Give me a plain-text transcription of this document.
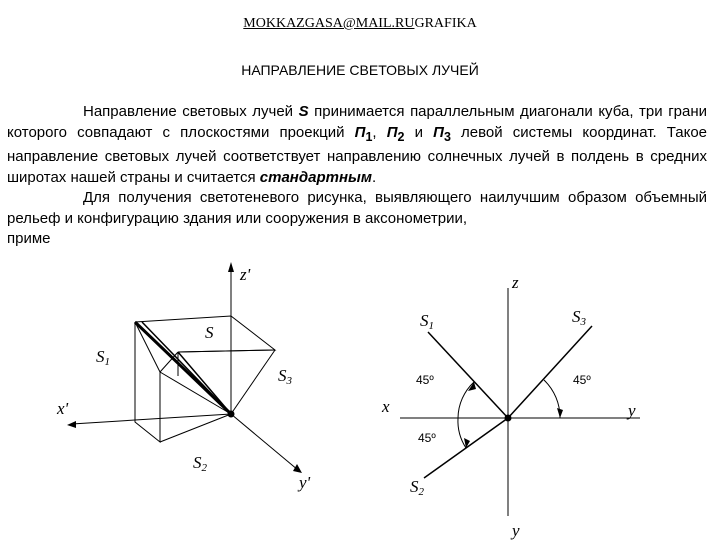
MOKKAZGASA@MAIL.RUGRAFIKA
НАПРАВЛЕНИЕ СВЕТОВЫХ ЛУЧЕЙ

Направление световых лучей S принимается параллельным диагонали куба, три грани которого совпадают с плоскостями проекций $П_1$, $П_2$ и $П_3$ левой системы координат. Такое направление световых лучей соответствует направлению солнечных лучей в полдень в средних широтах нашей страны и считается стандартным.

Для получения светотеневого рисунка, выявляющего наилучшим образом объемный рельеф и конфигурацию здания или сооружения в аксонометрии,

приме

z'
x'
y'
S
S1
S2
S3
z
x	y
y
S1	S3
S2
45º	45º
45º
